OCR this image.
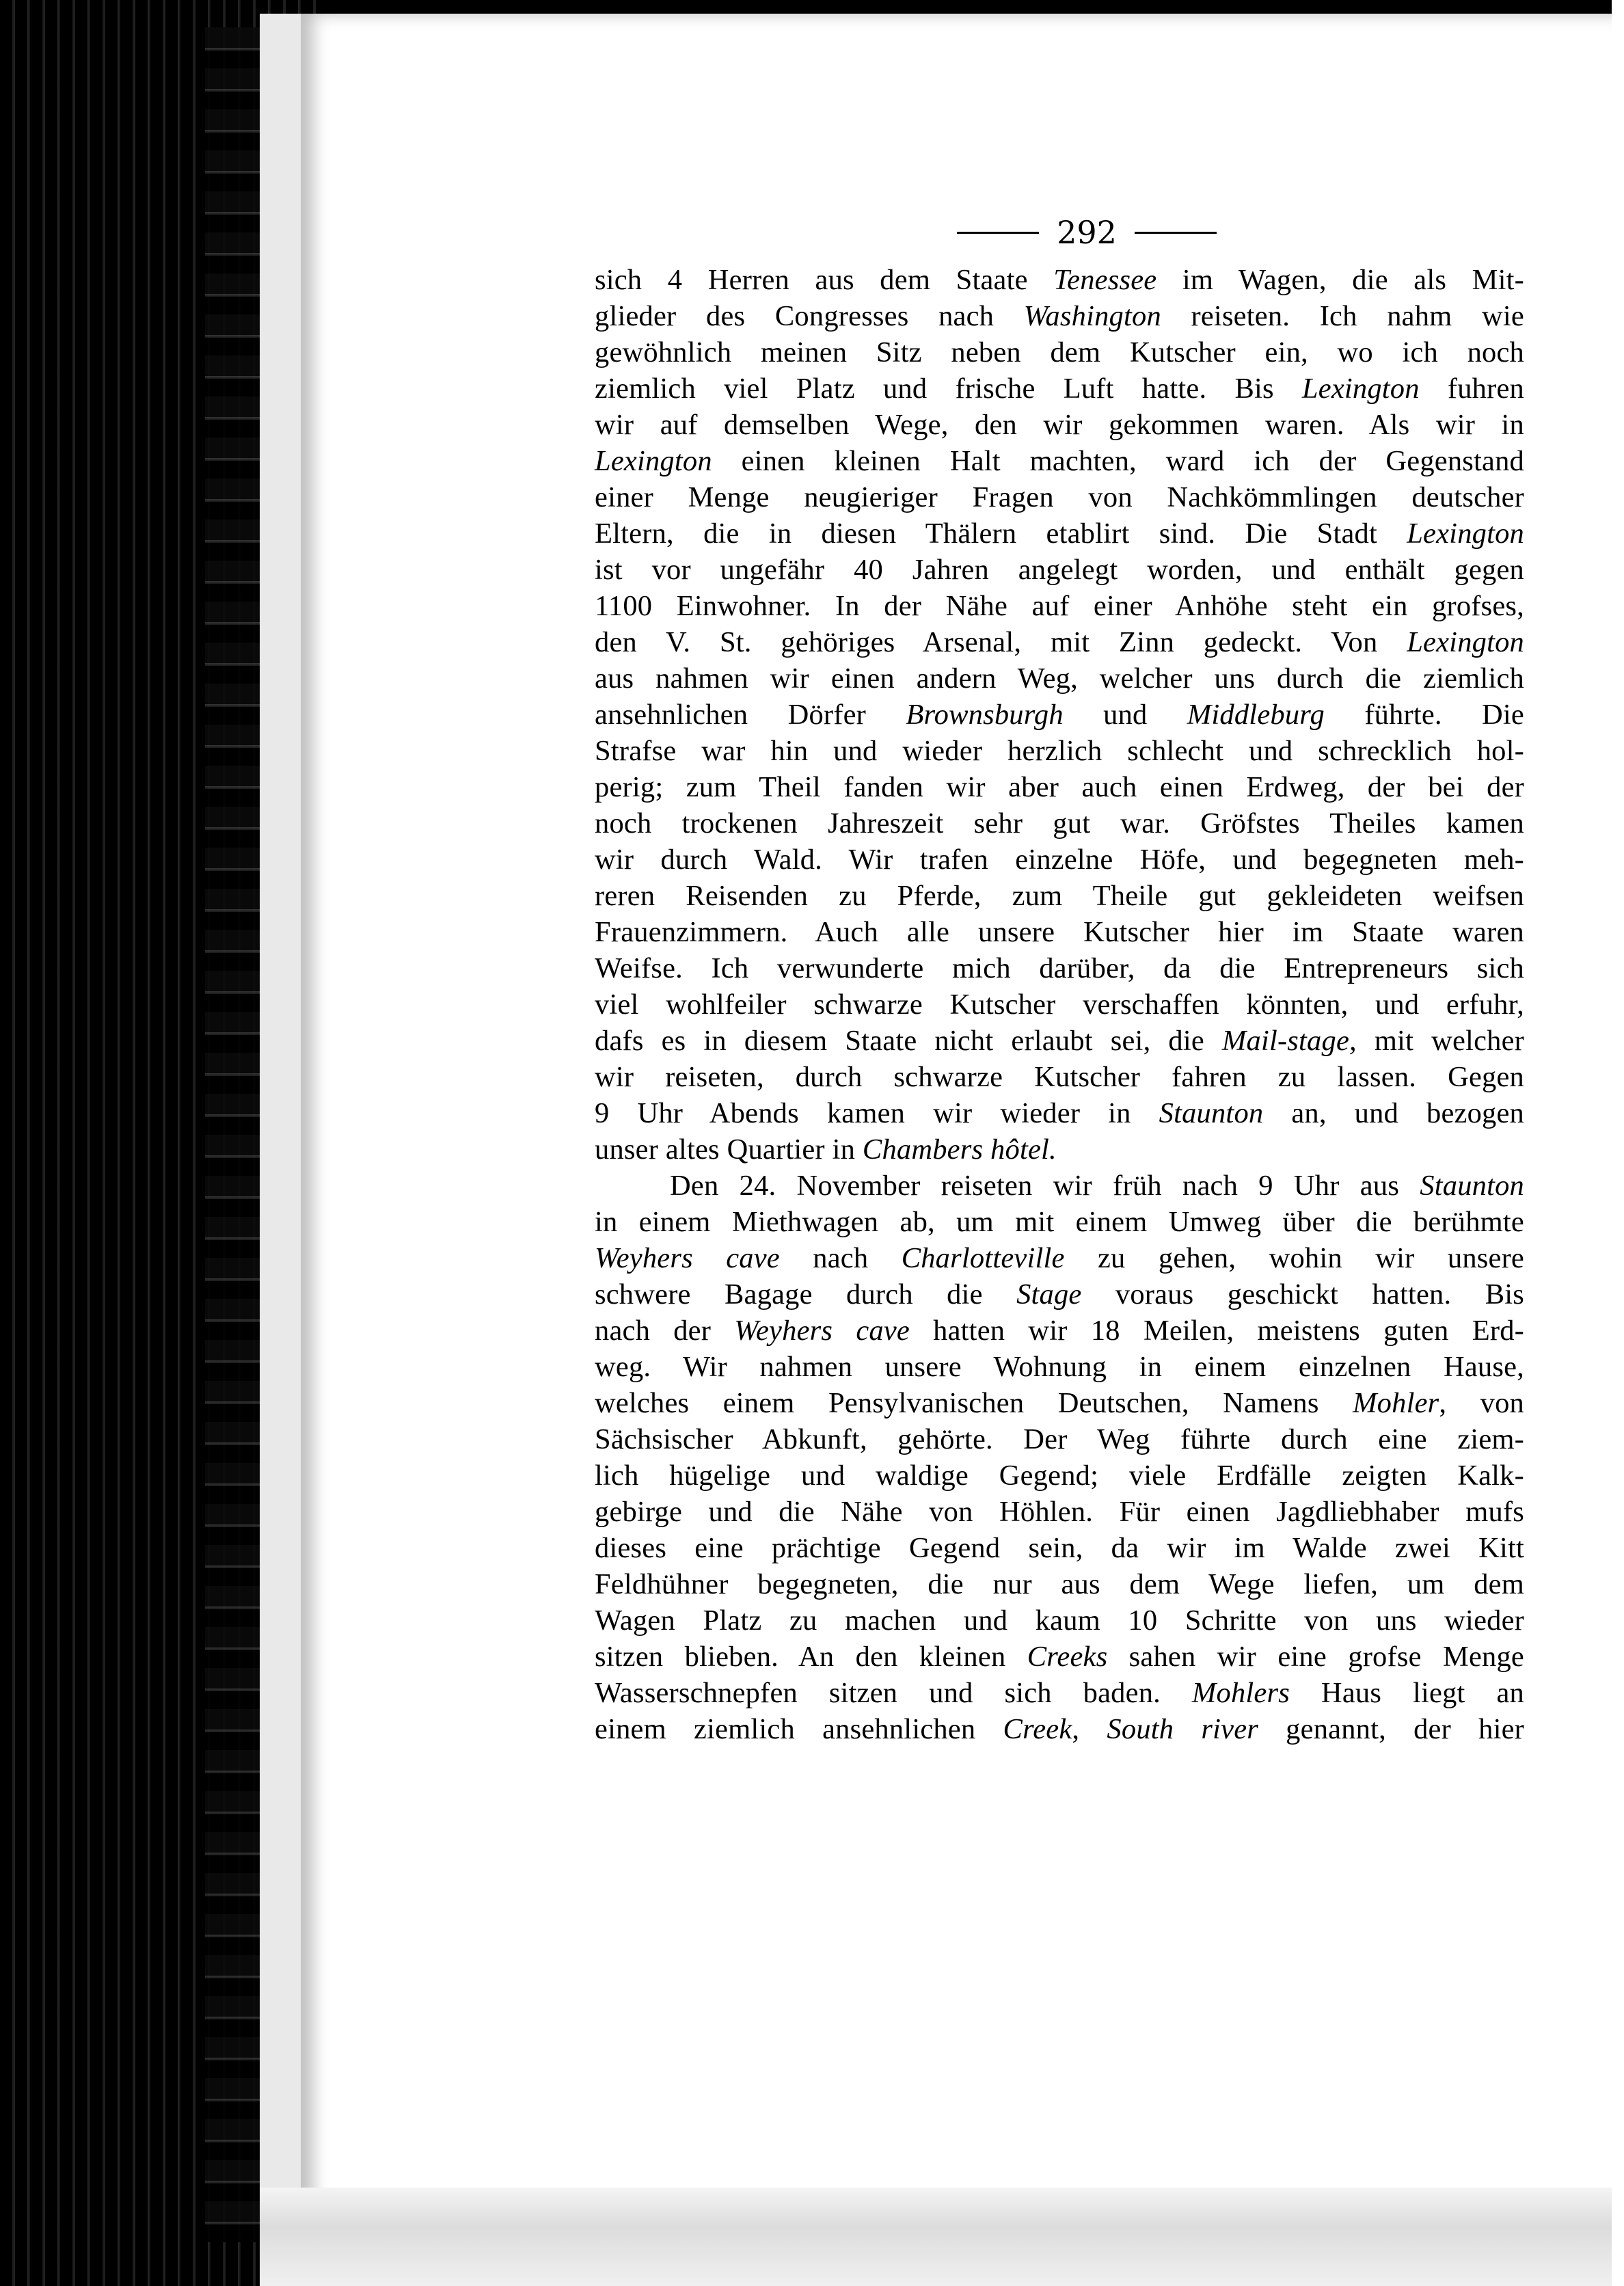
292
sich 4 Herren aus dem Staate Tenessee im Wagen, die als Mit-
glieder des Congresses nach Washington reiseten. Ich nahm wie
gewöhnlich meinen Sitz neben dem Kutscher ein, wo ich noch
ziemlich viel Platz und frische Luft hatte. Bis Lexington fuhren
wir auf demselben Wege, den wir gekommen waren. Als wir in
Lexington einen kleinen Halt machten, ward ich der Gegenstand
einer Menge neugieriger Fragen von Nachkömmlingen deutscher
Eltern, die in diesen Thälern etablirt sind. Die Stadt Lexington
ist vor ungefähr 40 Jahren angelegt worden, und enthält gegen
1100 Einwohner. In der Nähe auf einer Anhöhe steht ein grofses,
den V. St. gehöriges Arsenal, mit Zinn gedeckt. Von Lexington
aus nahmen wir einen andern Weg, welcher uns durch die ziemlich
ansehnlichen Dörfer Brownsburgh und Middleburg führte. Die
Strafse war hin und wieder herzlich schlecht und schrecklich hol-
perig; zum Theil fanden wir aber auch einen Erdweg, der bei der
noch trockenen Jahreszeit sehr gut war. Gröfstes Theiles kamen
wir durch Wald. Wir trafen einzelne Höfe, und begegneten meh-
reren Reisenden zu Pferde, zum Theile gut gekleideten weifsen
Frauenzimmern. Auch alle unsere Kutscher hier im Staate waren
Weifse. Ich verwunderte mich darüber, da die Entrepreneurs sich
viel wohlfeiler schwarze Kutscher verschaffen könnten, und erfuhr,
dafs es in diesem Staate nicht erlaubt sei, die Mail-stage, mit welcher
wir reiseten, durch schwarze Kutscher fahren zu lassen. Gegen
9 Uhr Abends kamen wir wieder in Staunton an, und bezogen
unser altes Quartier in Chambers hôtel.
Den 24. November reiseten wir früh nach 9 Uhr aus Staunton
in einem Miethwagen ab, um mit einem Umweg über die berühmte
Weyhers cave nach Charlotteville zu gehen, wohin wir unsere
schwere Bagage durch die Stage voraus geschickt hatten. Bis
nach der Weyhers cave hatten wir 18 Meilen, meistens guten Erd-
weg. Wir nahmen unsere Wohnung in einem einzelnen Hause,
welches einem Pensylvanischen Deutschen, Namens Mohler, von
Sächsischer Abkunft, gehörte. Der Weg führte durch eine ziem-
lich hügelige und waldige Gegend; viele Erdfälle zeigten Kalk-
gebirge und die Nähe von Höhlen. Für einen Jagdliebhaber mufs
dieses eine prächtige Gegend sein, da wir im Walde zwei Kitt
Feldhühner begegneten, die nur aus dem Wege liefen, um dem
Wagen Platz zu machen und kaum 10 Schritte von uns wieder
sitzen blieben. An den kleinen Creeks sahen wir eine grofse Menge
Wasserschnepfen sitzen und sich baden. Mohlers Haus liegt an
einem ziemlich ansehnlichen Creek, South river genannt, der hier
